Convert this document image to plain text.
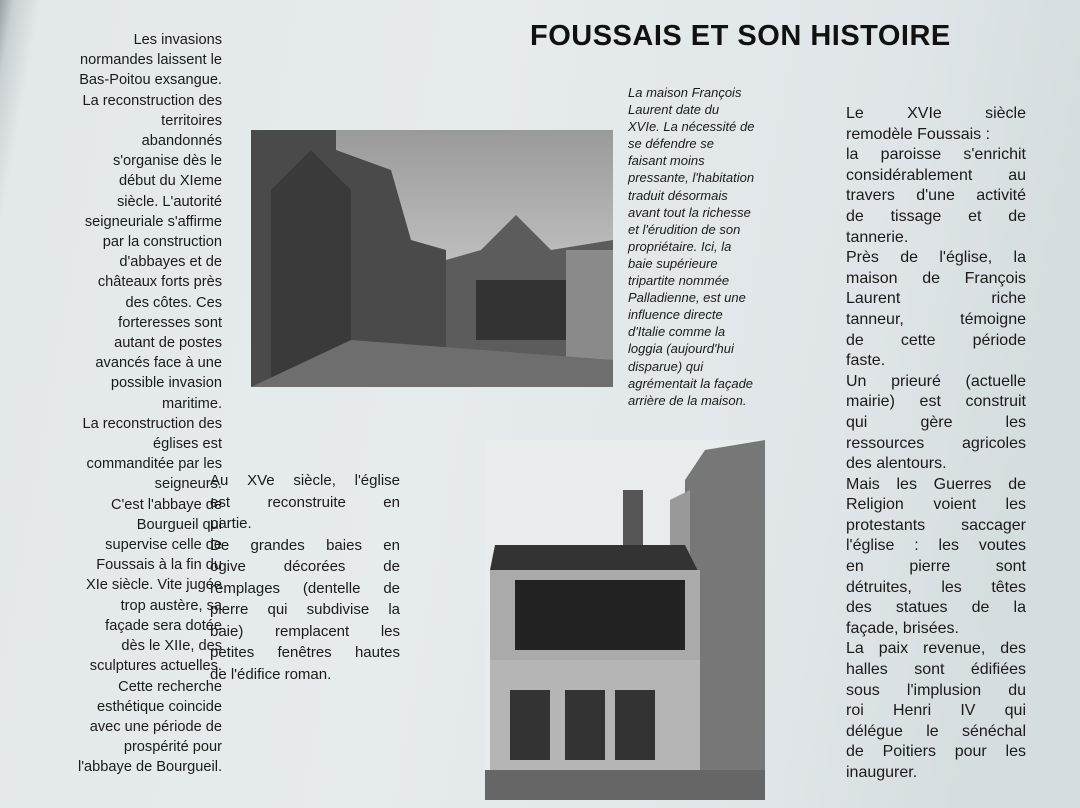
FOUSSAIS ET SON HISTOIRE
Les invasions
normandes laissent le
Bas-Poitou exsangue.
La reconstruction des
territoires
abandonnés
s'organise dès le
début du XIeme
siècle. L'autorité
seigneuriale s'affirme
par la construction
d'abbayes et de
châteaux forts près
des côtes. Ces
forteresses sont
autant de postes
avancés face à une
possible invasion
maritime.
La reconstruction des
églises est
commanditée par les
seigneurs.
C'est l'abbaye de
Bourgueil qui
supervise celle de
Foussais à la fin du
XIe siècle. Vite jugée
trop austère, sa
façade sera dotée
dès le XIIe, des
sculptures actuelles.
Cette recherche
esthétique coincide
avec une période de
prospérité pour
l'abbaye de Bourgueil.
Au XVe siècle, l'église
est reconstruite en
partie.
De grandes baies en
ogive décorées de
remplages (dentelle de
pierre qui subdivise la
baie) remplacent les
petites fenêtres hautes
de l'édifice roman.
La maison François
Laurent date du
XVIe. La nécessité de
se défendre se
faisant moins
pressante, l'habitation
traduit désormais
avant tout la richesse
et l'érudition de son
propriétaire. Ici, la
baie supérieure
tripartite nommée
Palladienne, est une
influence directe
d'Italie comme la
loggia (aujourd'hui
disparue) qui
agrémentait la façade
arrière de la maison.
Le XVIe siècle
remodèle Foussais :
la paroisse s'enrichit
considérablement au
travers d'une activité
de tissage et de
tannerie.
Près de l'église, la
maison de François
Laurent riche
tanneur, témoigne
de cette période
faste.
Un prieuré (actuelle
mairie) est construit
qui gère les
ressources agricoles
des alentours.
Mais les Guerres de
Religion voient les
protestants saccager
l'église : les voutes
en pierre sont
détruites, les têtes
des statues de la
façade, brisées.
La paix revenue, des
halles sont édifiées
sous l'implusion du
roi Henri IV qui
délégue le sénéchal
de Poitiers pour les
inaugurer.
